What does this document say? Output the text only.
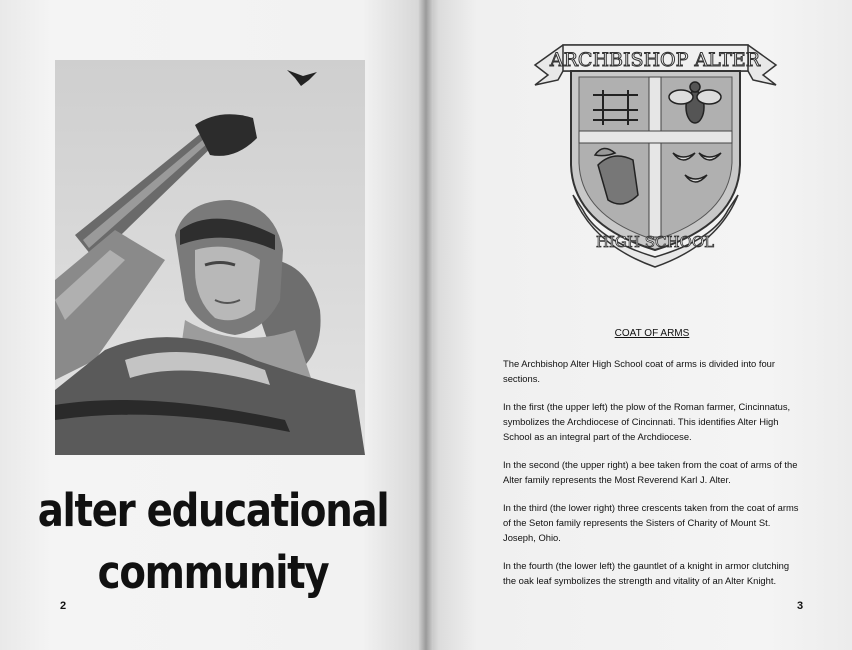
alter educational
community
2
ARCHBISHOP ALTER
HIGH SCHOOL
COAT OF ARMS
The Archbishop Alter High School coat of arms is divided into four sections.
In the first (the upper left) the plow of the Roman farmer, Cincinnatus, symbolizes the Archdiocese of Cincinnati. This identifies Alter High School as an integral part of the Archdiocese.
In the second (the upper right) a bee taken from the coat of arms of the Alter family represents the Most Reverend Karl J. Alter.
In the third (the lower right) three crescents taken from the coat of arms of the Seton family represents the Sisters of Charity of Mount St. Joseph, Ohio.
In the fourth (the lower left) the gauntlet of a knight in armor clutching the oak leaf symbolizes the strength and vitality of an Alter Knight.
3
